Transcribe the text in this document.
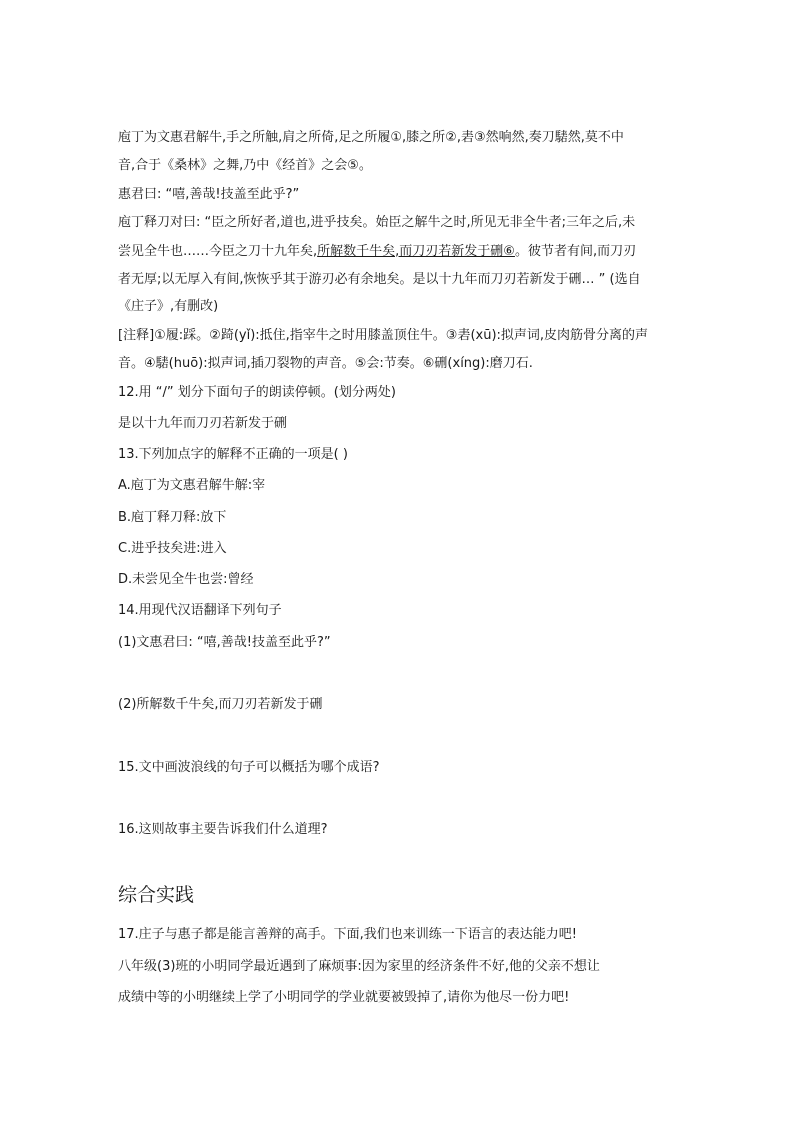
庖丁为文惠君解牛,手之所触,肩之所倚,足之所履①,膝之所②,砉③然响然,奏刀騞然,莫不中
音,合于《桑林》之舞,乃中《经首》之会⑤。
惠君曰: “嘻,善哉!技盖至此乎?”
庖丁释刀对曰: “臣之所好者,道也,进乎技矣。始臣之解牛之时,所见无非全牛者;三年之后,未
尝见全牛也……今臣之刀十九年矣,所解数千牛矣,而刀刃若新发于硎⑥。彼节者有间,而刀刃
者无厚;以无厚入有间,恢恢乎其于游刃必有余地矣。是以十九年而刀刃若新发于硎… ” (选自
《庄子》,有删改)
[注释]①履:踩。②踦(yǐ):抵住,指宰牛之时用膝盖顶住牛。③砉(xū):拟声词,皮肉筋骨分离的声
音。④騞(huō):拟声词,插刀裂物的声音。⑤会:节奏。⑥硎(xíng):磨刀石.
12.用 “/” 划分下面句子的朗读停顿。(划分两处)
是以十九年而刀刃若新发于硎
13.下列加点字的解释不正确的一项是( )
A.庖丁为文惠君解牛解:宰
B.庖丁释刀释:放下
C.进乎技矣进:进入
D.未尝见全牛也尝:曾经
14.用现代汉语翻译下列句子
(1)文惠君曰: “嘻,善哉!技盖至此乎?”
(2)所解数千牛矣,而刀刃若新发于硎
15.文中画波浪线的句子可以概括为哪个成语?
16.这则故事主要告诉我们什么道理?
综合实践
17.庄子与惠子都是能言善辩的高手。下面,我们也来训练一下语言的表达能力吧!
八年级(3)班的小明同学最近遇到了麻烦事:因为家里的经济条件不好,他的父亲不想让
成绩中等的小明继续上学了小明同学的学业就要被毁掉了,请你为他尽一份力吧!
